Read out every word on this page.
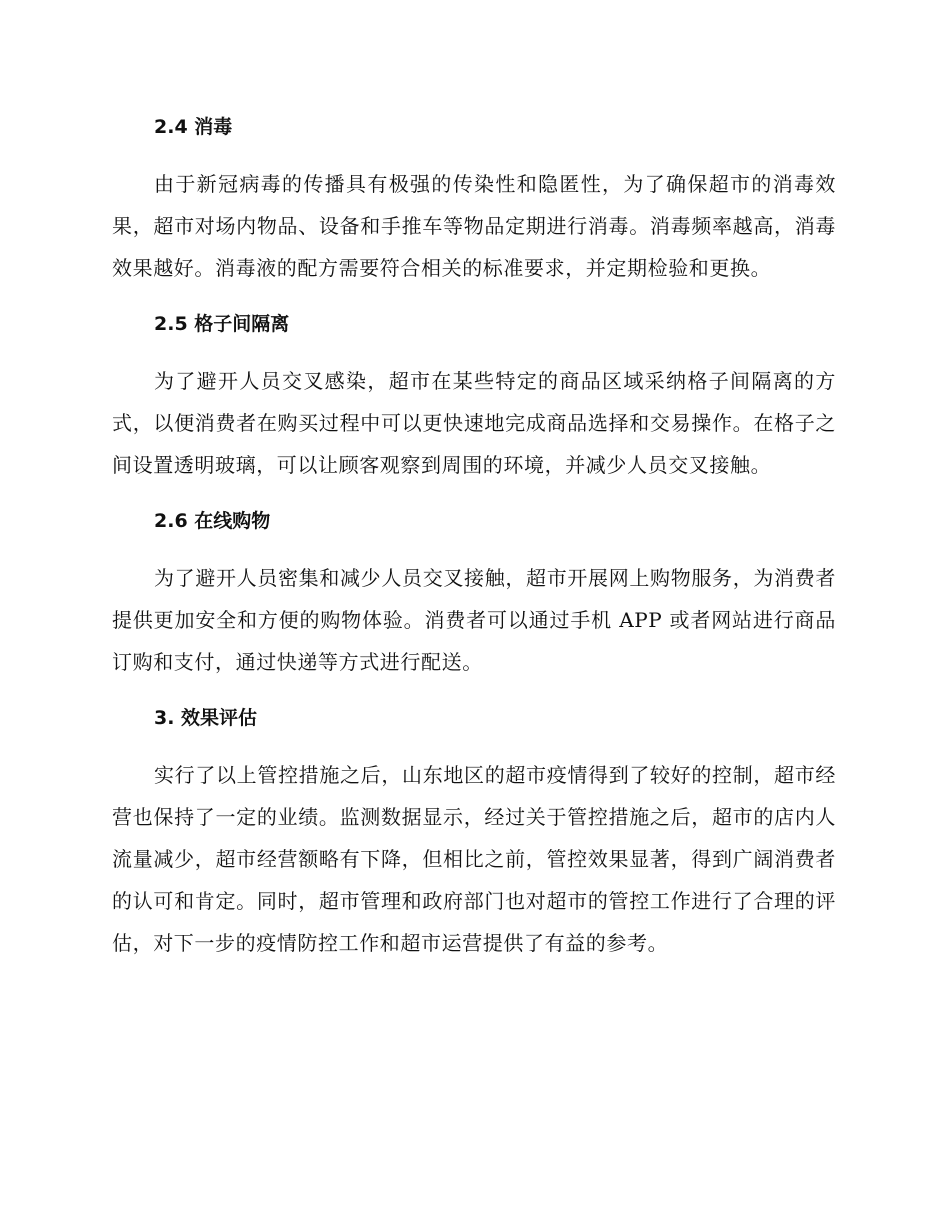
2.4 消毒

由于新冠病毒的传播具有极强的传染性和隐匿性，为了确保超市的消毒效果，超市对场内物品、设备和手推车等物品定期进行消毒。消毒频率越高，消毒效果越好。消毒液的配方需要符合相关的标准要求，并定期检验和更换。

2.5 格子间隔离

为了避开人员交叉感染，超市在某些特定的商品区域采纳格子间隔离的方式，以便消费者在购买过程中可以更快速地完成商品选择和交易操作。在格子之间设置透明玻璃，可以让顾客观察到周围的环境，并减少人员交叉接触。

2.6 在线购物

为了避开人员密集和减少人员交叉接触，超市开展网上购物服务，为消费者提供更加安全和方便的购物体验。消费者可以通过手机 APP 或者网站进行商品订购和支付，通过快递等方式进行配送。

3. 效果评估

实行了以上管控措施之后，山东地区的超市疫情得到了较好的控制，超市经营也保持了一定的业绩。监测数据显示，经过关于管控措施之后，超市的店内人流量减少，超市经营额略有下降，但相比之前，管控效果显著，得到广阔消费者的认可和肯定。同时，超市管理和政府部门也对超市的管控工作进行了合理的评估，对下一步的疫情防控工作和超市运营提供了有益的参考。
